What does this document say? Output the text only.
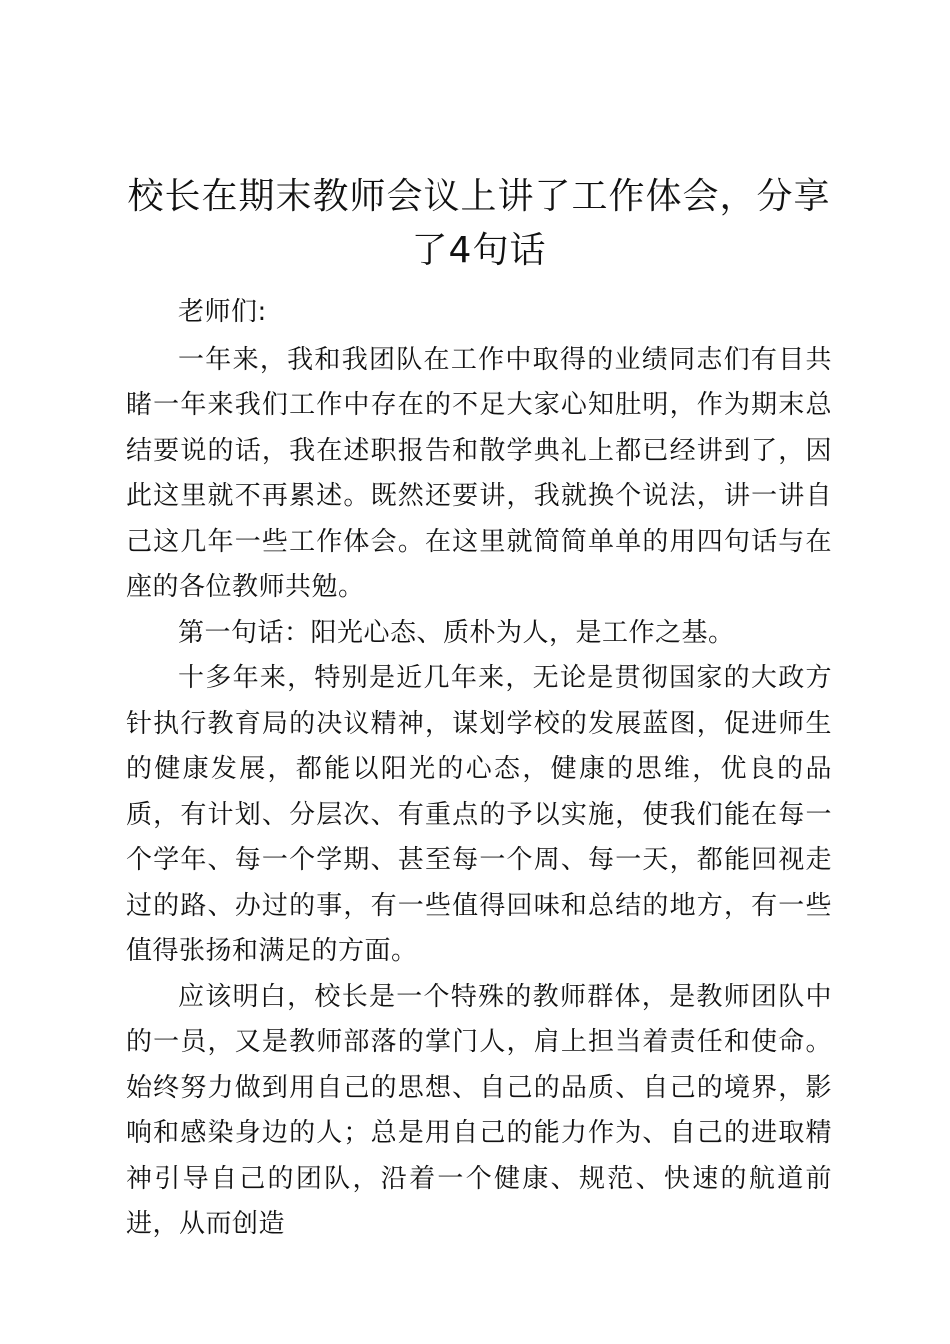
校长在期末教师会议上讲了工作体会，分享了4句话

老师们:

一年来，我和我团队在工作中取得的业绩同志们有目共睹一年来我们工作中存在的不足大家心知肚明，作为期末总结要说的话，我在述职报告和散学典礼上都已经讲到了，因此这里就不再累述。既然还要讲，我就换个说法，讲一讲自己这几年一些工作体会。在这里就简简单单的用四句话与在座的各位教师共勉。

第一句话：阳光心态、质朴为人，是工作之基。

十多年来，特别是近几年来，无论是贯彻国家的大政方针执行教育局的决议精神，谋划学校的发展蓝图，促进师生的健康发展，都能以阳光的心态，健康的思维，优良的品质，有计划、分层次、有重点的予以实施，使我们能在每一个学年、每一个学期、甚至每一个周、每一天，都能回视走过的路、办过的事，有一些值得回味和总结的地方，有一些值得张扬和满足的方面。

应该明白，校长是一个特殊的教师群体，是教师团队中的一员，又是教师部落的掌门人，肩上担当着责任和使命。始终努力做到用自己的思想、自己的品质、自己的境界，影响和感染身边的人；总是用自己的能力作为、自己的进取精神引导自己的团队，沿着一个健康、规范、快速的航道前进，从而创造
